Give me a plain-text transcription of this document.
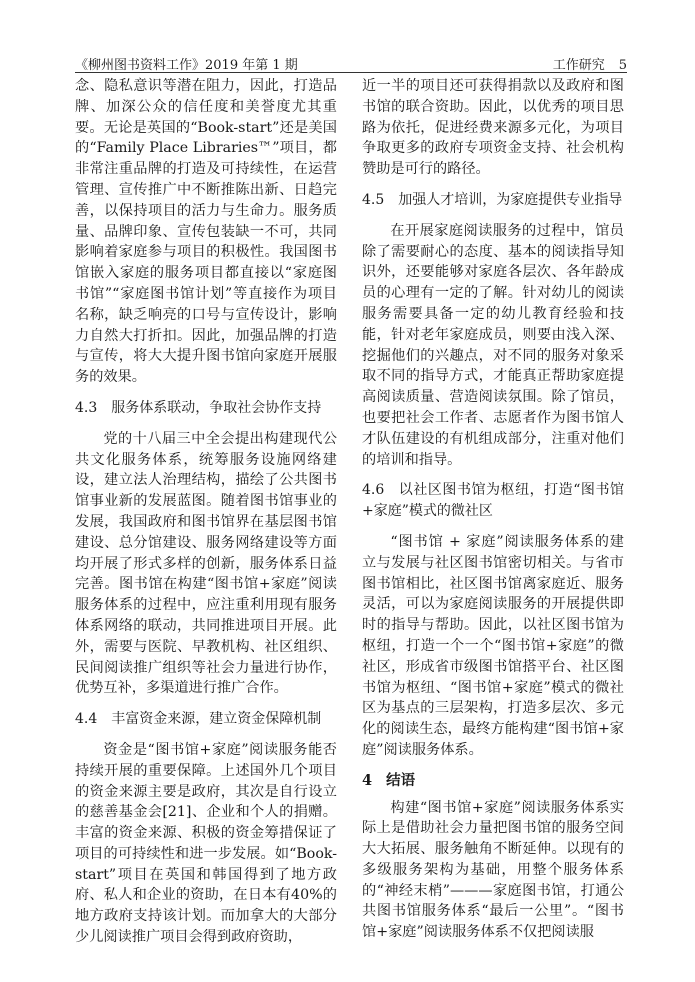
《柳州图书资料工作》2019 年第 1 期	工作研究 5

念、隐私意识等潜在阻力，因此，打造品牌、加深公众的信任度和美誉度尤其重要。无论是英国的“Book-start”还是美国的“Family Place Libraries™”项目，都非常注重品牌的打造及可持续性，在运营管理、宣传推广中不断推陈出新、日趋完善，以保持项目的活力与生命力。服务质量、品牌印象、宣传包装缺一不可，共同影响着家庭参与项目的积极性。我国图书馆嵌入家庭的服务项目都直接以“家庭图书馆”“家庭图书馆计划”等直接作为项目名称，缺乏响亮的口号与宣传设计，影响力自然大打折扣。因此，加强品牌的打造与宣传，将大大提升图书馆向家庭开展服务的效果。

4.3 服务体系联动，争取社会协作支持

党的十八届三中全会提出构建现代公共文化服务体系，统筹服务设施网络建设，建立法人治理结构，描绘了公共图书馆事业新的发展蓝图。随着图书馆事业的发展，我国政府和图书馆界在基层图书馆建设、总分馆建设、服务网络建设等方面均开展了形式多样的创新，服务体系日益完善。图书馆在构建“图书馆+家庭”阅读服务体系的过程中，应注重利用现有服务体系网络的联动，共同推进项目开展。此外，需要与医院、早教机构、社区组织、民间阅读推广组织等社会力量进行协作，优势互补，多渠道进行推广合作。

4.4 丰富资金来源，建立资金保障机制

资金是“图书馆+家庭”阅读服务能否持续开展的重要保障。上述国外几个项目的资金来源主要是政府，其次是自行设立的慈善基金会[21]、企业和个人的捐赠。丰富的资金来源、积极的资金筹措保证了项目的可持续性和进一步发展。如“Book-start”项目在英国和韩国得到了地方政府、私人和企业的资助，在日本有40%的地方政府支持该计划。而加拿大的大部分少儿阅读推广项目会得到政府资助，

近一半的项目还可获得捐款以及政府和图书馆的联合资助。因此，以优秀的项目思路为依托，促进经费来源多元化，为项目争取更多的政府专项资金支持、社会机构赞助是可行的路径。

4.5 加强人才培训，为家庭提供专业指导

在开展家庭阅读服务的过程中，馆员除了需要耐心的态度、基本的阅读指导知识外，还要能够对家庭各层次、各年龄成员的心理有一定的了解。针对幼儿的阅读服务需要具备一定的幼儿教育经验和技能，针对老年家庭成员，则要由浅入深、挖掘他们的兴趣点，对不同的服务对象采取不同的指导方式，才能真正帮助家庭提高阅读质量、营造阅读氛围。除了馆员，也要把社会工作者、志愿者作为图书馆人才队伍建设的有机组成部分，注重对他们的培训和指导。

4.6 以社区图书馆为枢纽，打造“图书馆+家庭”模式的微社区

“图书馆 + 家庭”阅读服务体系的建立与发展与社区图书馆密切相关。与省市图书馆相比，社区图书馆离家庭近、服务灵活，可以为家庭阅读服务的开展提供即时的指导与帮助。因此，以社区图书馆为枢纽，打造一个一个“图书馆+家庭”的微社区，形成省市级图书馆搭平台、社区图书馆为枢纽、“图书馆+家庭”模式的微社区为基点的三层架构，打造多层次、多元化的阅读生态，最终方能构建“图书馆+家庭”阅读服务体系。

4 结语

构建“图书馆+家庭”阅读服务体系实际上是借助社会力量把图书馆的服务空间大大拓展、服务触角不断延伸。以现有的多级服务架构为基础，用整个服务体系的“神经末梢”———家庭图书馆，打通公共图书馆服务体系“最后一公里”。“图书馆+家庭”阅读服务体系不仅把阅读服
